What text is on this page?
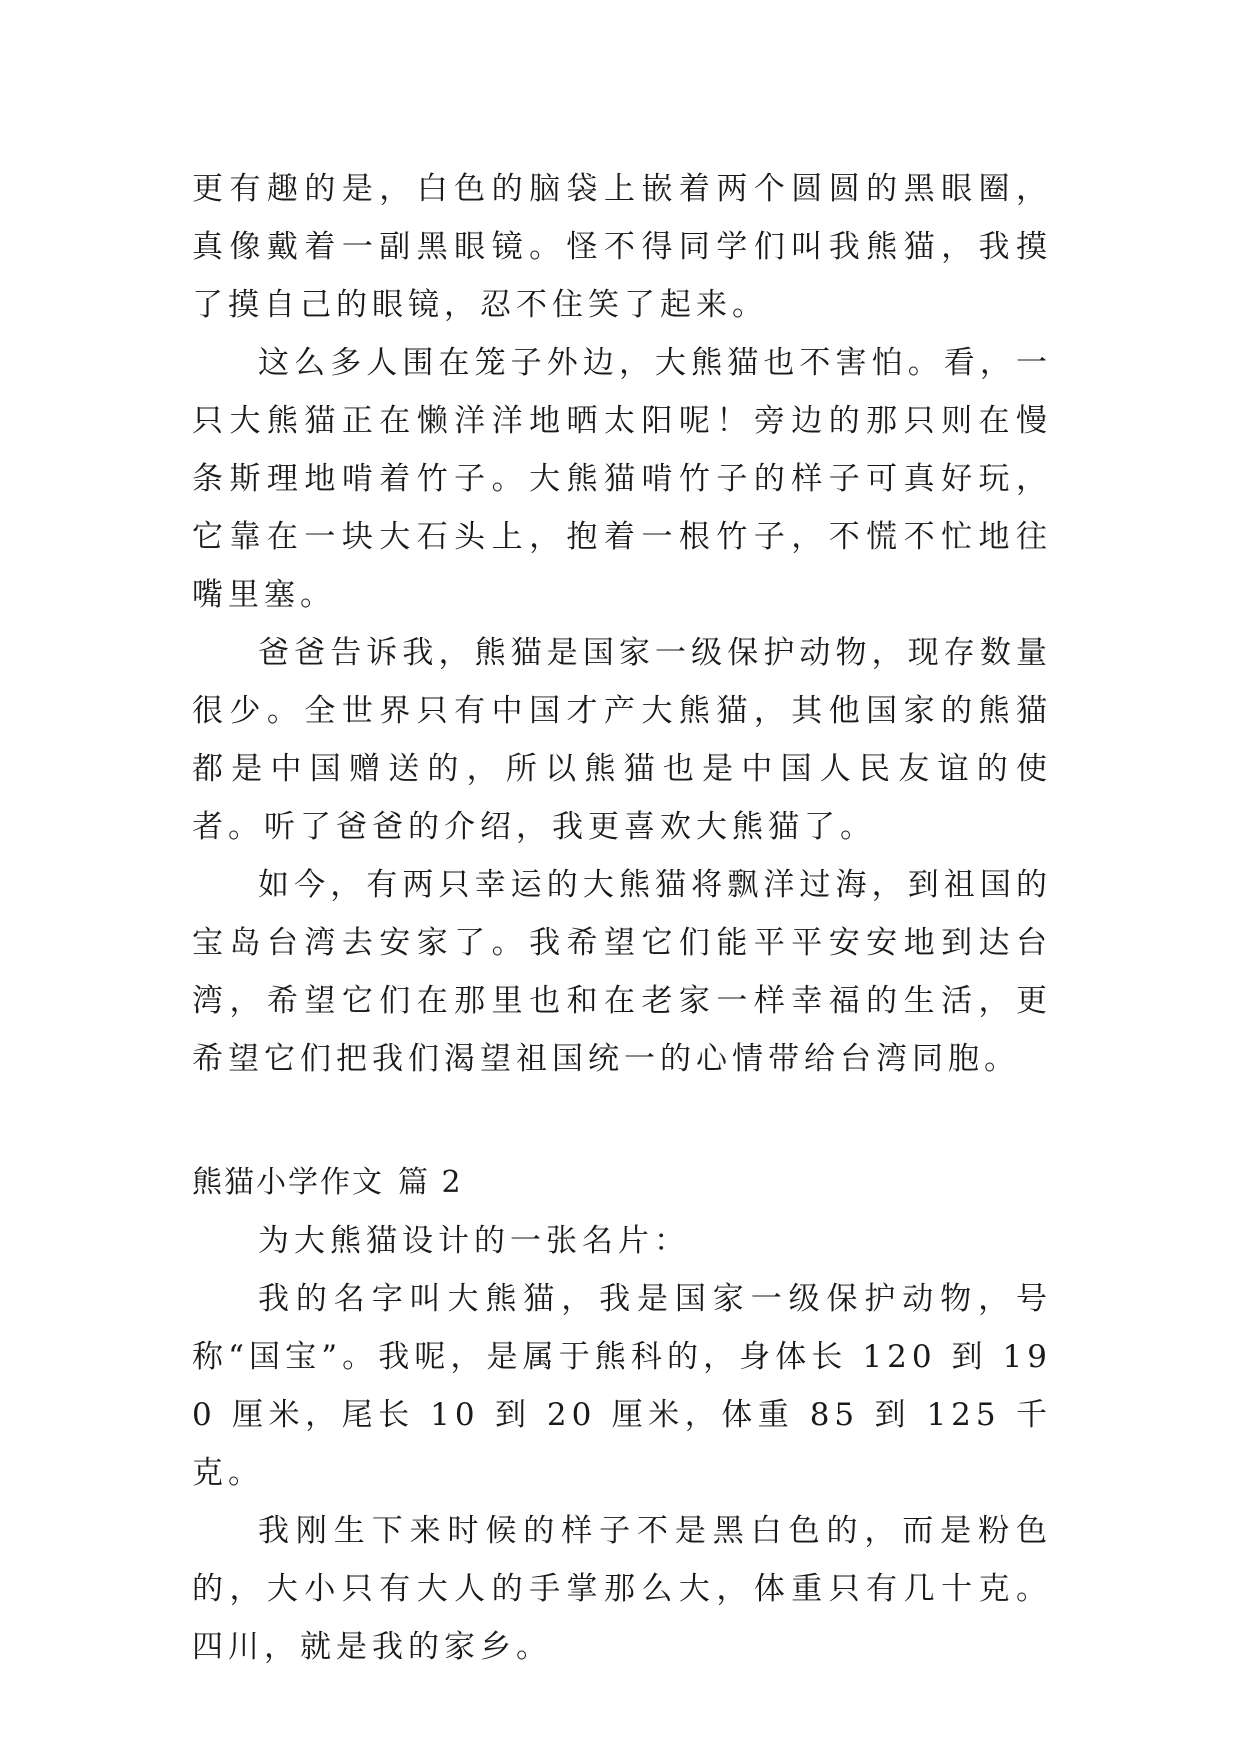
更有趣的是，白色的脑袋上嵌着两个圆圆的黑眼圈，真像戴着一副黑眼镜。怪不得同学们叫我熊猫，我摸了摸自己的眼镜，忍不住笑了起来。

这么多人围在笼子外边，大熊猫也不害怕。看，一只大熊猫正在懒洋洋地晒太阳呢！旁边的那只则在慢条斯理地啃着竹子。大熊猫啃竹子的样子可真好玩，它靠在一块大石头上，抱着一根竹子，不慌不忙地往嘴里塞。

爸爸告诉我，熊猫是国家一级保护动物，现存数量很少。全世界只有中国才产大熊猫，其他国家的熊猫都是中国赠送的，所以熊猫也是中国人民友谊的使者。听了爸爸的介绍，我更喜欢大熊猫了。

如今，有两只幸运的大熊猫将飘洋过海，到祖国的宝岛台湾去安家了。我希望它们能平平安安地到达台湾，希望它们在那里也和在老家一样幸福的生活，更希望它们把我们渴望祖国统一的心情带给台湾同胞。

熊猫小学作文 篇 2

为大熊猫设计的一张名片：

我的名字叫大熊猫，我是国家一级保护动物，号称“国宝”。我呢，是属于熊科的，身体长 120 到 190 厘米，尾长 10 到 20 厘米，体重 85 到 125 千克。

我刚生下来时候的样子不是黑白色的，而是粉色的，大小只有大人的手掌那么大，体重只有几十克。四川，就是我的家乡。
